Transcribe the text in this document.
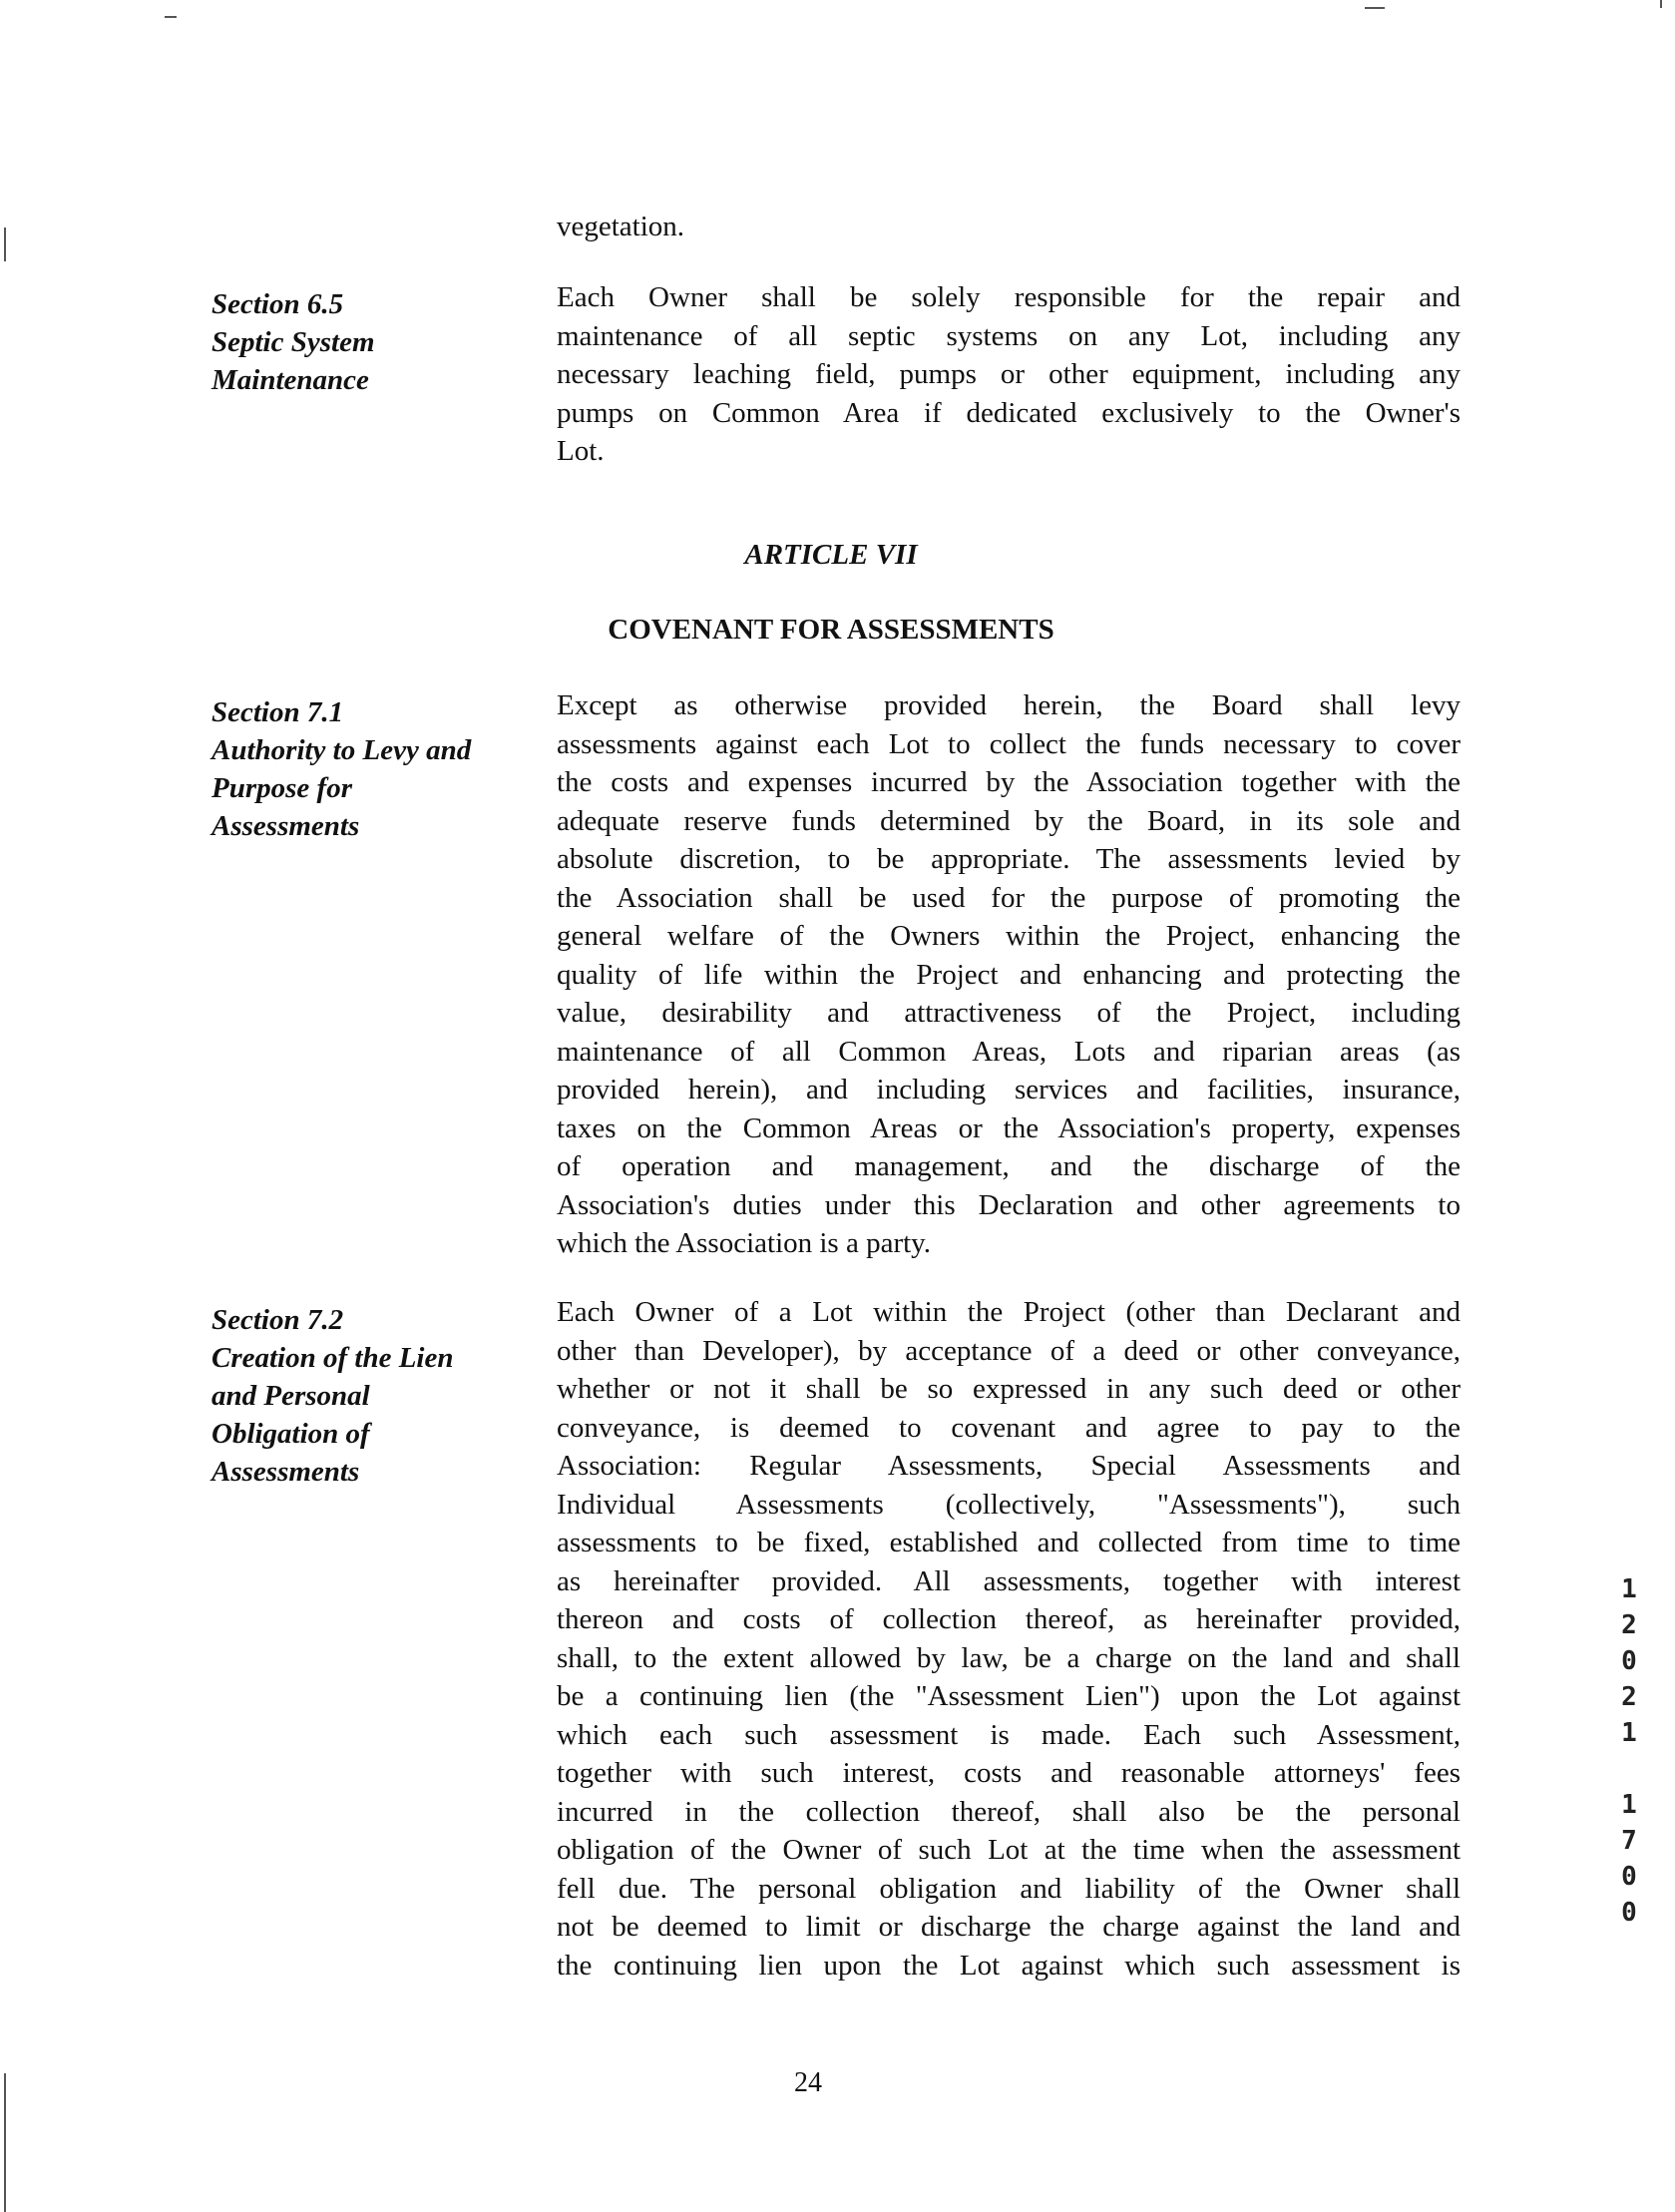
vegetation.
Section 6.5
Septic System
Maintenance
Each Owner shall be solely responsible for the repair and
maintenance of all septic systems on any Lot, including any
necessary leaching field, pumps or other equipment, including any
pumps on Common Area if dedicated exclusively to the Owner's
Lot.
ARTICLE VII
COVENANT FOR ASSESSMENTS
Section 7.1
Authority to Levy and
Purpose for
Assessments
Except as otherwise provided herein, the Board shall levy
assessments against each Lot to collect the funds necessary to cover
the costs and expenses incurred by the Association together with the
adequate reserve funds determined by the Board, in its sole and
absolute discretion, to be appropriate. The assessments levied by
the Association shall be used for the purpose of promoting the
general welfare of the Owners within the Project, enhancing the
quality of life within the Project and enhancing and protecting the
value, desirability and attractiveness of the Project, including
maintenance of all Common Areas, Lots and riparian areas (as
provided herein), and including services and facilities, insurance,
taxes on the Common Areas or the Association's property, expenses
of operation and management, and the discharge of the
Association's duties under this Declaration and other agreements to
which the Association is a party.
Section 7.2
Creation of the Lien
and Personal
Obligation of
Assessments
Each Owner of a Lot within the Project (other than Declarant and
other than Developer), by acceptance of a deed or other conveyance,
whether or not it shall be so expressed in any such deed or other
conveyance, is deemed to covenant and agree to pay to the
Association: Regular Assessments, Special Assessments and
Individual Assessments (collectively, "Assessments"), such
assessments to be fixed, established and collected from time to time
as hereinafter provided. All assessments, together with interest
thereon and costs of collection thereof, as hereinafter provided,
shall, to the extent allowed by law, be a charge on the land and shall
be a continuing lien (the "Assessment Lien") upon the Lot against
which each such assessment is made. Each such Assessment,
together with such interest, costs and reasonable attorneys' fees
incurred in the collection thereof, shall also be the personal
obligation of the Owner of such Lot at the time when the assessment
fell due. The personal obligation and liability of the Owner shall
not be deemed to limit or discharge the charge against the land and
the continuing lien upon the Lot against which such assessment is
1
2
0
2
1
1
7
0
0
24
